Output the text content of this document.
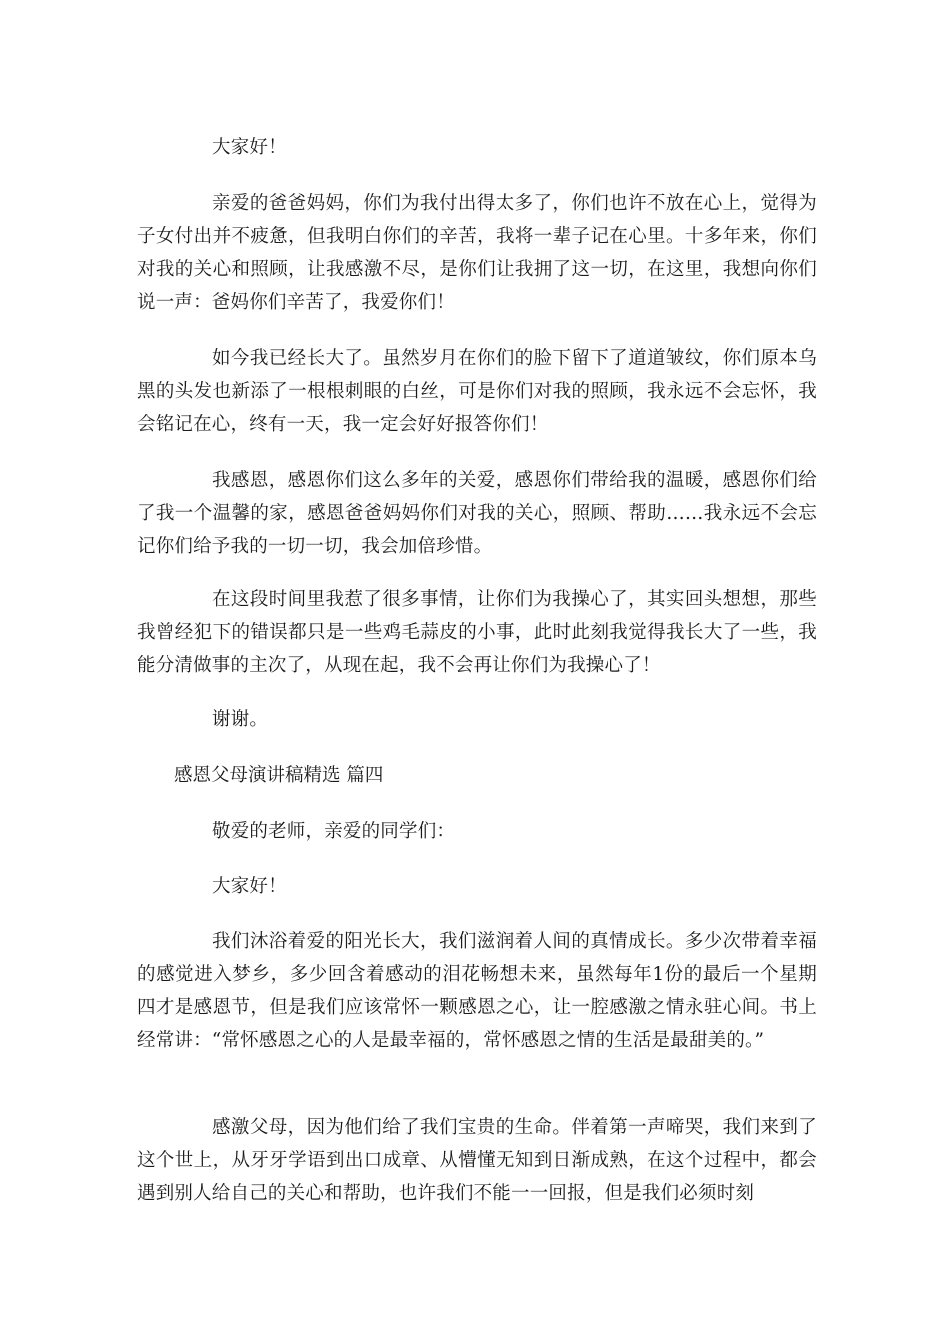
大家好！

亲爱的爸爸妈妈，你们为我付出得太多了，你们也许不放在心上，觉得为子女付出并不疲惫，但我明白你们的辛苦，我将一辈子记在心里。十多年来，你们对我的关心和照顾，让我感激不尽，是你们让我拥了这一切，在这里，我想向你们说一声：爸妈你们辛苦了，我爱你们！

如今我已经长大了。虽然岁月在你们的脸下留下了道道皱纹，你们原本乌黑的头发也新添了一根根刺眼的白丝，可是你们对我的照顾，我永远不会忘怀，我会铭记在心，终有一天，我一定会好好报答你们！

我感恩，感恩你们这么多年的关爱，感恩你们带给我的温暖，感恩你们给了我一个温馨的家，感恩爸爸妈妈你们对我的关心，照顾、帮助……我永远不会忘记你们给予我的一切一切，我会加倍珍惜。

在这段时间里我惹了很多事情，让你们为我操心了，其实回头想想，那些我曾经犯下的错误都只是一些鸡毛蒜皮的小事，此时此刻我觉得我长大了一些，我能分清做事的主次了，从现在起，我不会再让你们为我操心了！

谢谢。

感恩父母演讲稿精选 篇四

敬爱的老师，亲爱的同学们：

大家好！

我们沐浴着爱的阳光长大，我们滋润着人间的真情成长。多少次带着幸福的感觉进入梦乡，多少回含着感动的泪花畅想未来，虽然每年1份的最后一个星期四才是感恩节，但是我们应该常怀一颗感恩之心，让一腔感激之情永驻心间。书上经常讲：“常怀感恩之心的人是最幸福的，常怀感恩之情的生活是最甜美的。”

感激父母，因为他们给了我们宝贵的生命。伴着第一声啼哭，我们来到了这个世上，从牙牙学语到出口成章、从懵懂无知到日渐成熟，在这个过程中，都会遇到别人给自己的关心和帮助，也许我们不能一一回报，但是我们必须时刻
